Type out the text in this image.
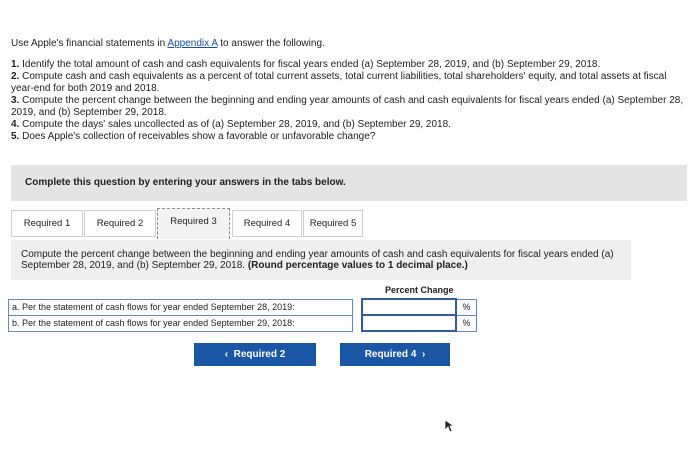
Use Apple's financial statements in Appendix A to answer the following.
1. Identify the total amount of cash and cash equivalents for fiscal years ended (a) September 28, 2019, and (b) September 29, 2018.
2. Compute cash and cash equivalents as a percent of total current assets, total current liabilities, total shareholders' equity, and total assets at fiscal year-end for both 2019 and 2018.
3. Compute the percent change between the beginning and ending year amounts of cash and cash equivalents for fiscal years ended (a) September 28, 2019, and (b) September 29, 2018.
4. Compute the days' sales uncollected as of (a) September 28, 2019, and (b) September 29, 2018.
5. Does Apple's collection of receivables show a favorable or unfavorable change?
Complete this question by entering your answers in the tabs below.
Required 1	Required 2	Required 3	Required 4	Required 5
Compute the percent change between the beginning and ending year amounts of cash and cash equivalents for fiscal years ended (a) September 28, 2019, and (b) September 29, 2018. (Round percentage values to 1 decimal place.)
		Percent Change	
a. Per the statement of cash flows for year ended September 28, 2019:			%
b. Per the statement of cash flows for year ended September 29, 2018:			%
‹ Required 2	Required 4 ›
